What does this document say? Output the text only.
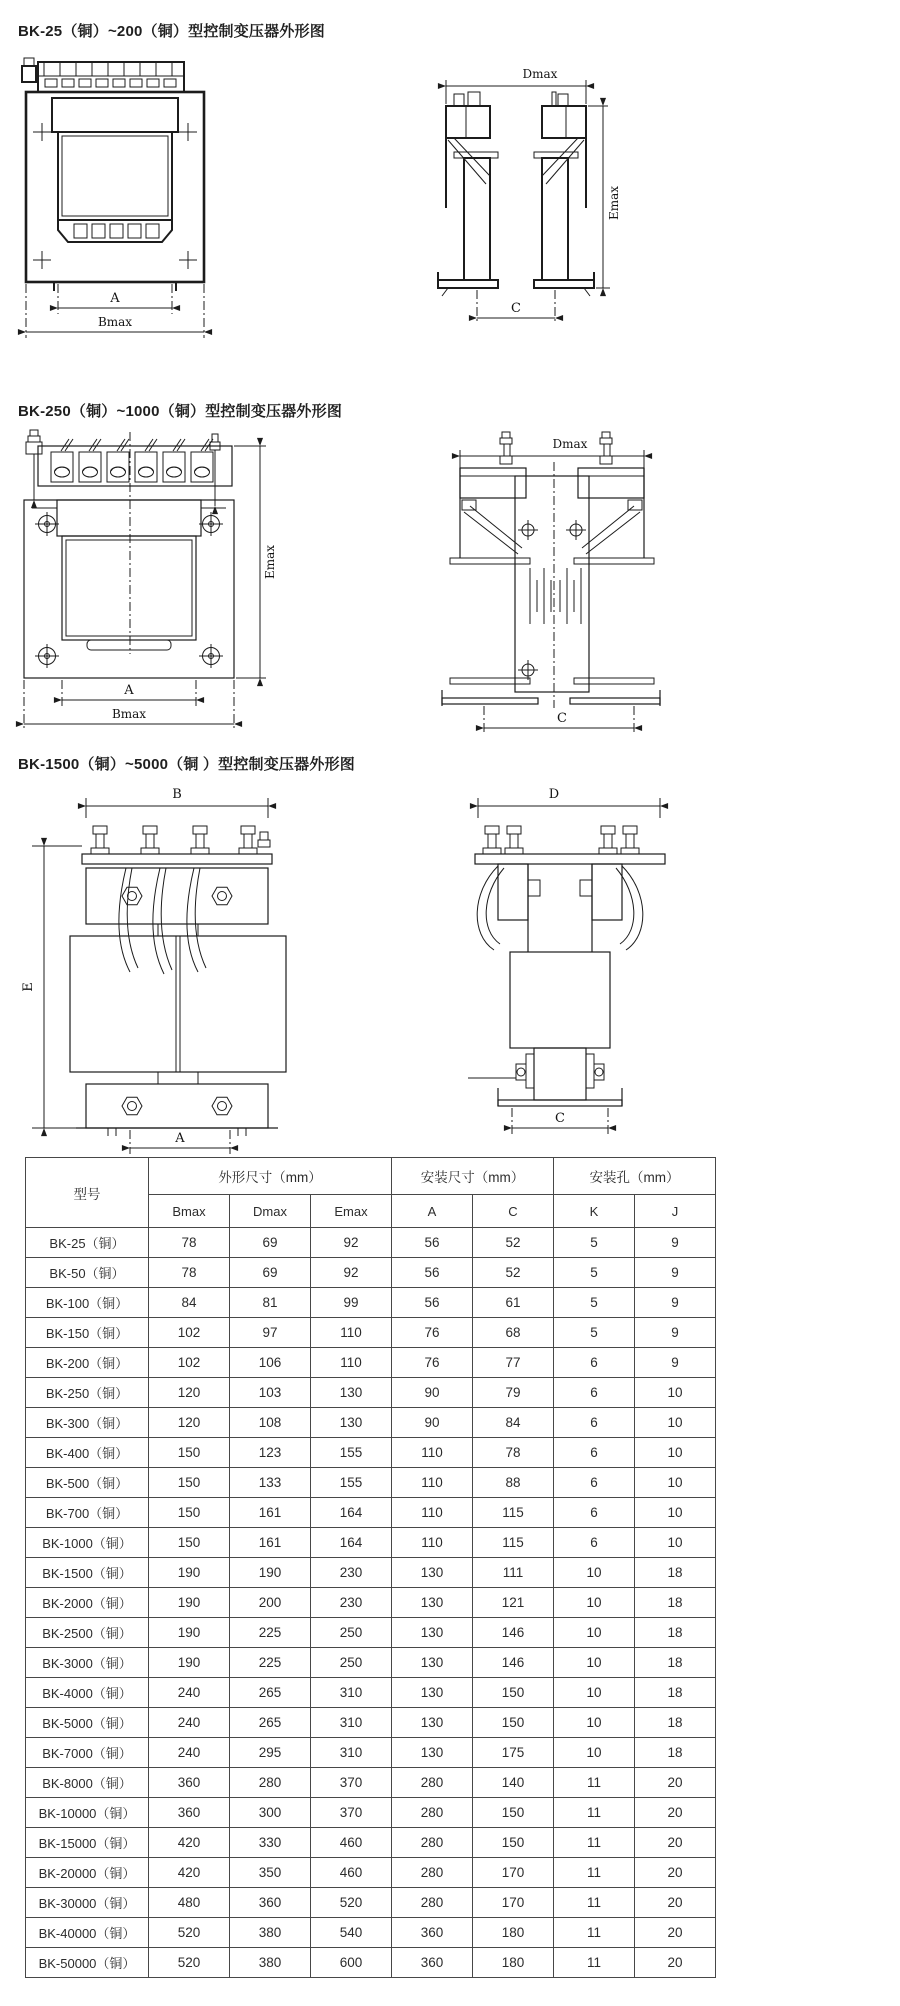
BK-25（铜）~200（铜）型控制变压器外形图
A
Bmax
Dmax
Emax
C
BK-250（铜）~1000（铜）型控制变压器外形图
Emax
A
Bmax
Dmax
C
BK-1500（铜）~5000（铜 ）型控制变压器外形图
B
E
A
D
C
型号	外形尺寸（mm）			安装尺寸（mm）		安装孔（mm）	
	Bmax	Dmax	Emax	A	C	K	J
BK-25（铜）	78	69	92	56	52	5	9
BK-50（铜）	78	69	92	56	52	5	9
BK-100（铜）	84	81	99	56	61	5	9
BK-150（铜）	102	97	110	76	68	5	9
BK-200（铜）	102	106	110	76	77	6	9
BK-250（铜）	120	103	130	90	79	6	10
BK-300（铜）	120	108	130	90	84	6	10
BK-400（铜）	150	123	155	110	78	6	10
BK-500（铜）	150	133	155	110	88	6	10
BK-700（铜）	150	161	164	110	115	6	10
BK-1000（铜）	150	161	164	110	115	6	10
BK-1500（铜）	190	190	230	130	111	10	18
BK-2000（铜）	190	200	230	130	121	10	18
BK-2500（铜）	190	225	250	130	146	10	18
BK-3000（铜）	190	225	250	130	146	10	18
BK-4000（铜）	240	265	310	130	150	10	18
BK-5000（铜）	240	265	310	130	150	10	18
BK-7000（铜）	240	295	310	130	175	10	18
BK-8000（铜）	360	280	370	280	140	11	20
BK-10000（铜）	360	300	370	280	150	11	20
BK-15000（铜）	420	330	460	280	150	11	20
BK-20000（铜）	420	350	460	280	170	11	20
BK-30000（铜）	480	360	520	280	170	11	20
BK-40000（铜）	520	380	540	360	180	11	20
BK-50000（铜）	520	380	600	360	180	11	20
